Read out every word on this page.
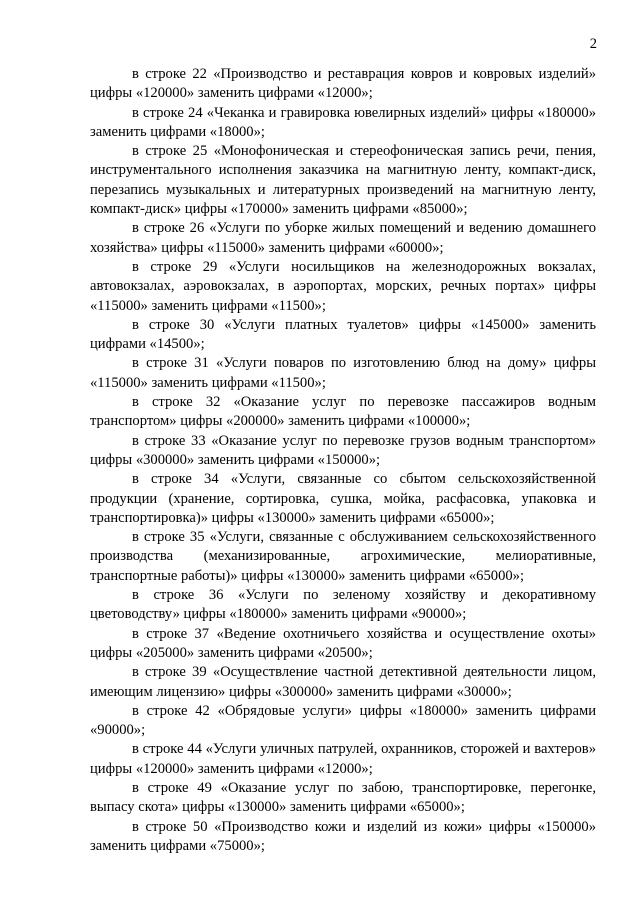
2

в строке 22 «Производство и реставрация ковров и ковровых изделий» цифры «120000» заменить цифрами «12000»;

в строке 24 «Чеканка и гравировка ювелирных изделий» цифры «180000» заменить цифрами «18000»;

в строке 25 «Монофоническая и стереофоническая запись речи, пения, инструментального исполнения заказчика на магнитную ленту, компакт-диск, перезапись музыкальных и литературных произведений на магнитную ленту, компакт-диск» цифры «170000» заменить цифрами «85000»;

в строке 26 «Услуги по уборке жилых помещений и ведению домашнего хозяйства» цифры «115000» заменить цифрами «60000»;

в строке 29 «Услуги носильщиков на железнодорожных вокзалах, автовокзалах, аэровокзалах, в аэропортах, морских, речных портах» цифры «115000» заменить цифрами «11500»;

в строке 30 «Услуги платных туалетов» цифры «145000» заменить цифрами «14500»;

в строке 31 «Услуги поваров по изготовлению блюд на дому» цифры «115000» заменить цифрами «11500»;

в строке 32 «Оказание услуг по перевозке пассажиров водным транспортом» цифры «200000» заменить цифрами «100000»;

в строке 33 «Оказание услуг по перевозке грузов водным транспортом» цифры «300000» заменить цифрами «150000»;

в строке 34 «Услуги, связанные со сбытом сельскохозяйственной продукции (хранение, сортировка, сушка, мойка, расфасовка, упаковка и транспортировка)» цифры «130000» заменить цифрами «65000»;

в строке 35 «Услуги, связанные с обслуживанием сельскохозяйственного производства (механизированные, агрохимические, мелиоративные, транспортные работы)» цифры «130000» заменить цифрами «65000»;

в строке 36 «Услуги по зеленому хозяйству и декоративному цветоводству» цифры «180000» заменить цифрами «90000»;

в строке 37 «Ведение охотничьего хозяйства и осуществление охоты» цифры «205000» заменить цифрами «20500»;

в строке 39 «Осуществление частной детективной деятельности лицом, имеющим лицензию» цифры «300000» заменить цифрами «30000»;

в строке 42 «Обрядовые услуги» цифры «180000» заменить цифрами «90000»;

в строке 44 «Услуги уличных патрулей, охранников, сторожей и вахтеров» цифры «120000» заменить цифрами «12000»;

в строке 49 «Оказание услуг по забою, транспортировке, перегонке, выпасу скота» цифры «130000» заменить цифрами «65000»;

в строке 50 «Производство кожи и изделий из кожи» цифры «150000» заменить цифрами «75000»;
